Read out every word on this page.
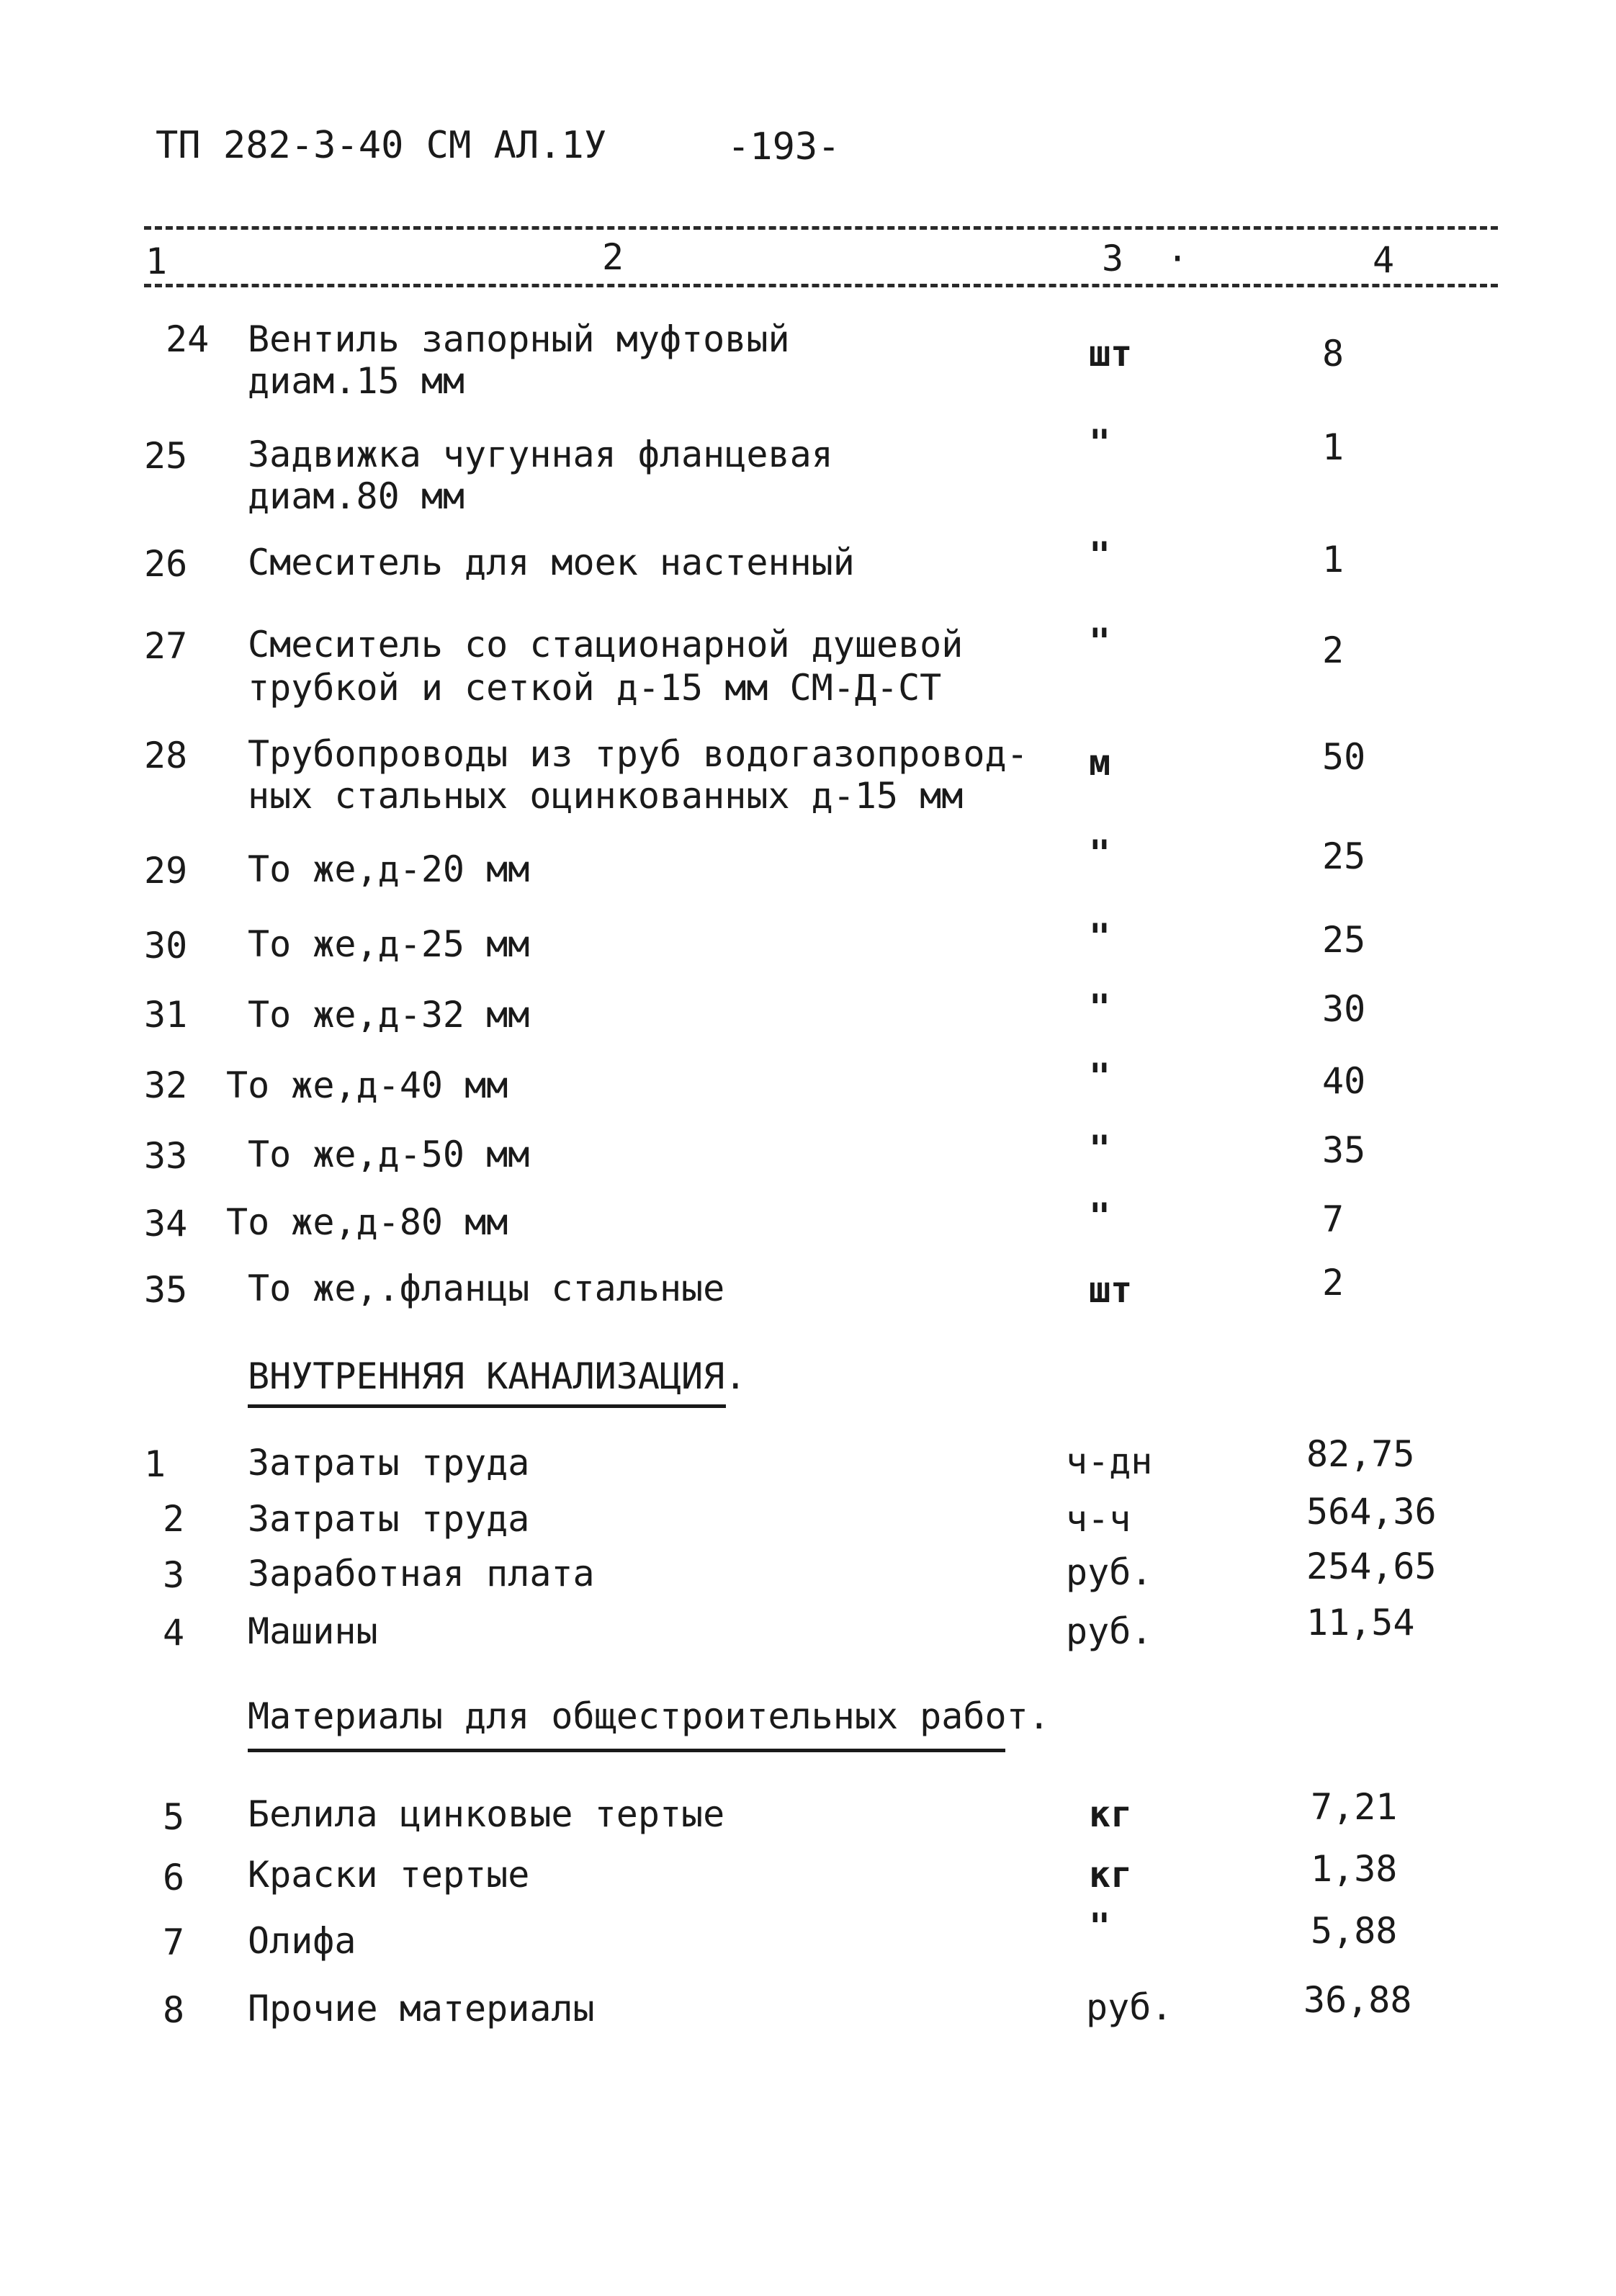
ТП 282-3-40 СМ АЛ.1У	-193-
1	2	3 ·	4
24 Вентиль запорный муфтовый
диам.15 мм
шт	8
25 Задвижка чугунная фланцевая
диам.80 мм
"	1
26 Смеситель для моек настенный	"	1
27 Смеситель со стационарной душевой
трубкой и сеткой д-15 мм СМ-Д-СТ
"	2
28 Трубопроводы из труб водогазопровод-
ных стальных оцинкованных д-15 мм
м	50
29 То же,д-20 мм	"	25
30 То же,д-25 мм	"	25
31 То же,д-32 мм	"	30
32 То же,д-40 мм	"	40
33 То же,д-50 мм	"	35
34 То же,д-80 мм	"	7
35 То же,.фланцы стальные	шт	2
ВНУТРЕННЯЯ КАНАЛИЗАЦИЯ.
1 Затраты труда	ч-дн	82,75
2 Затраты труда	ч-ч	564,36
3 Заработная плата	руб.	254,65
4 Машины	руб.	11,54
Материалы для общестроительных работ.
5 Белила цинковые тертые	кг	7,21
6 Краски тертые	кг	1,38
7 Олифа	"	5,88
8 Прочие материалы	руб.	36,88
